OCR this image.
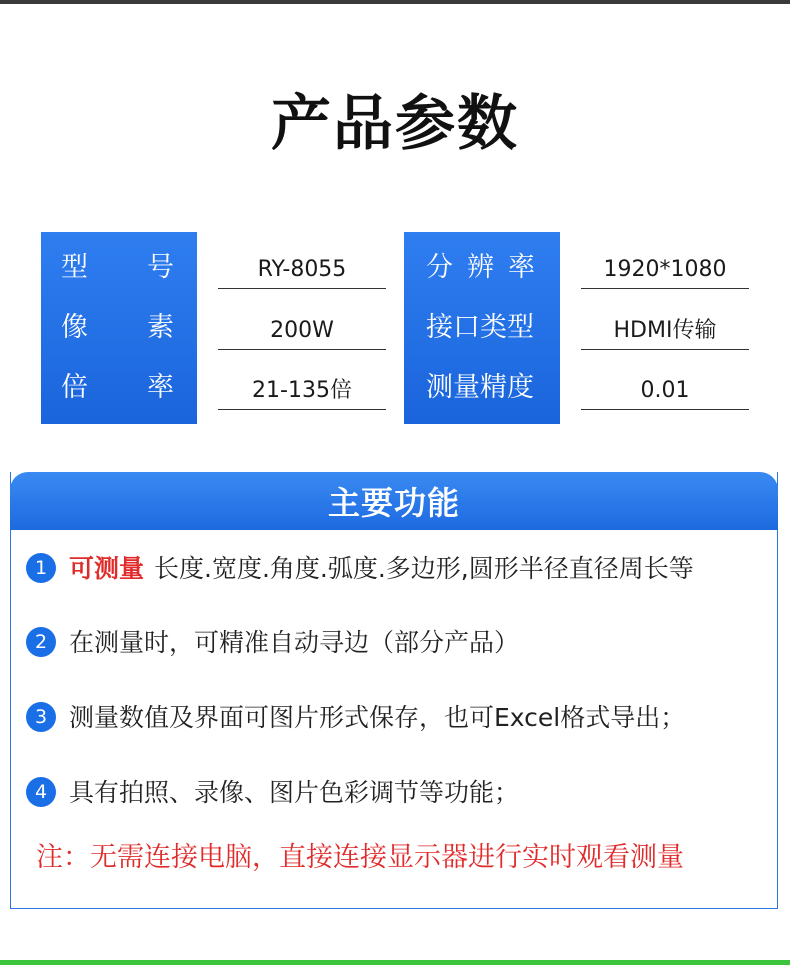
产品参数
型 号
像 素
倍 率
RY-8055
200W
21-135倍
分 辨 率
接口类型
测量精度
1920*1080
HDMI传输
0.01
主要功能
1 可测量 长度.宽度.角度.弧度.多边形,圆形半径直径周长等
2 在测量时，可精准自动寻边（部分产品）
3 测量数值及界面可图片形式保存，也可Excel格式导出；
4 具有拍照、录像、图片色彩调节等功能；
注：无需连接电脑，直接连接显示器进行实时观看测量
